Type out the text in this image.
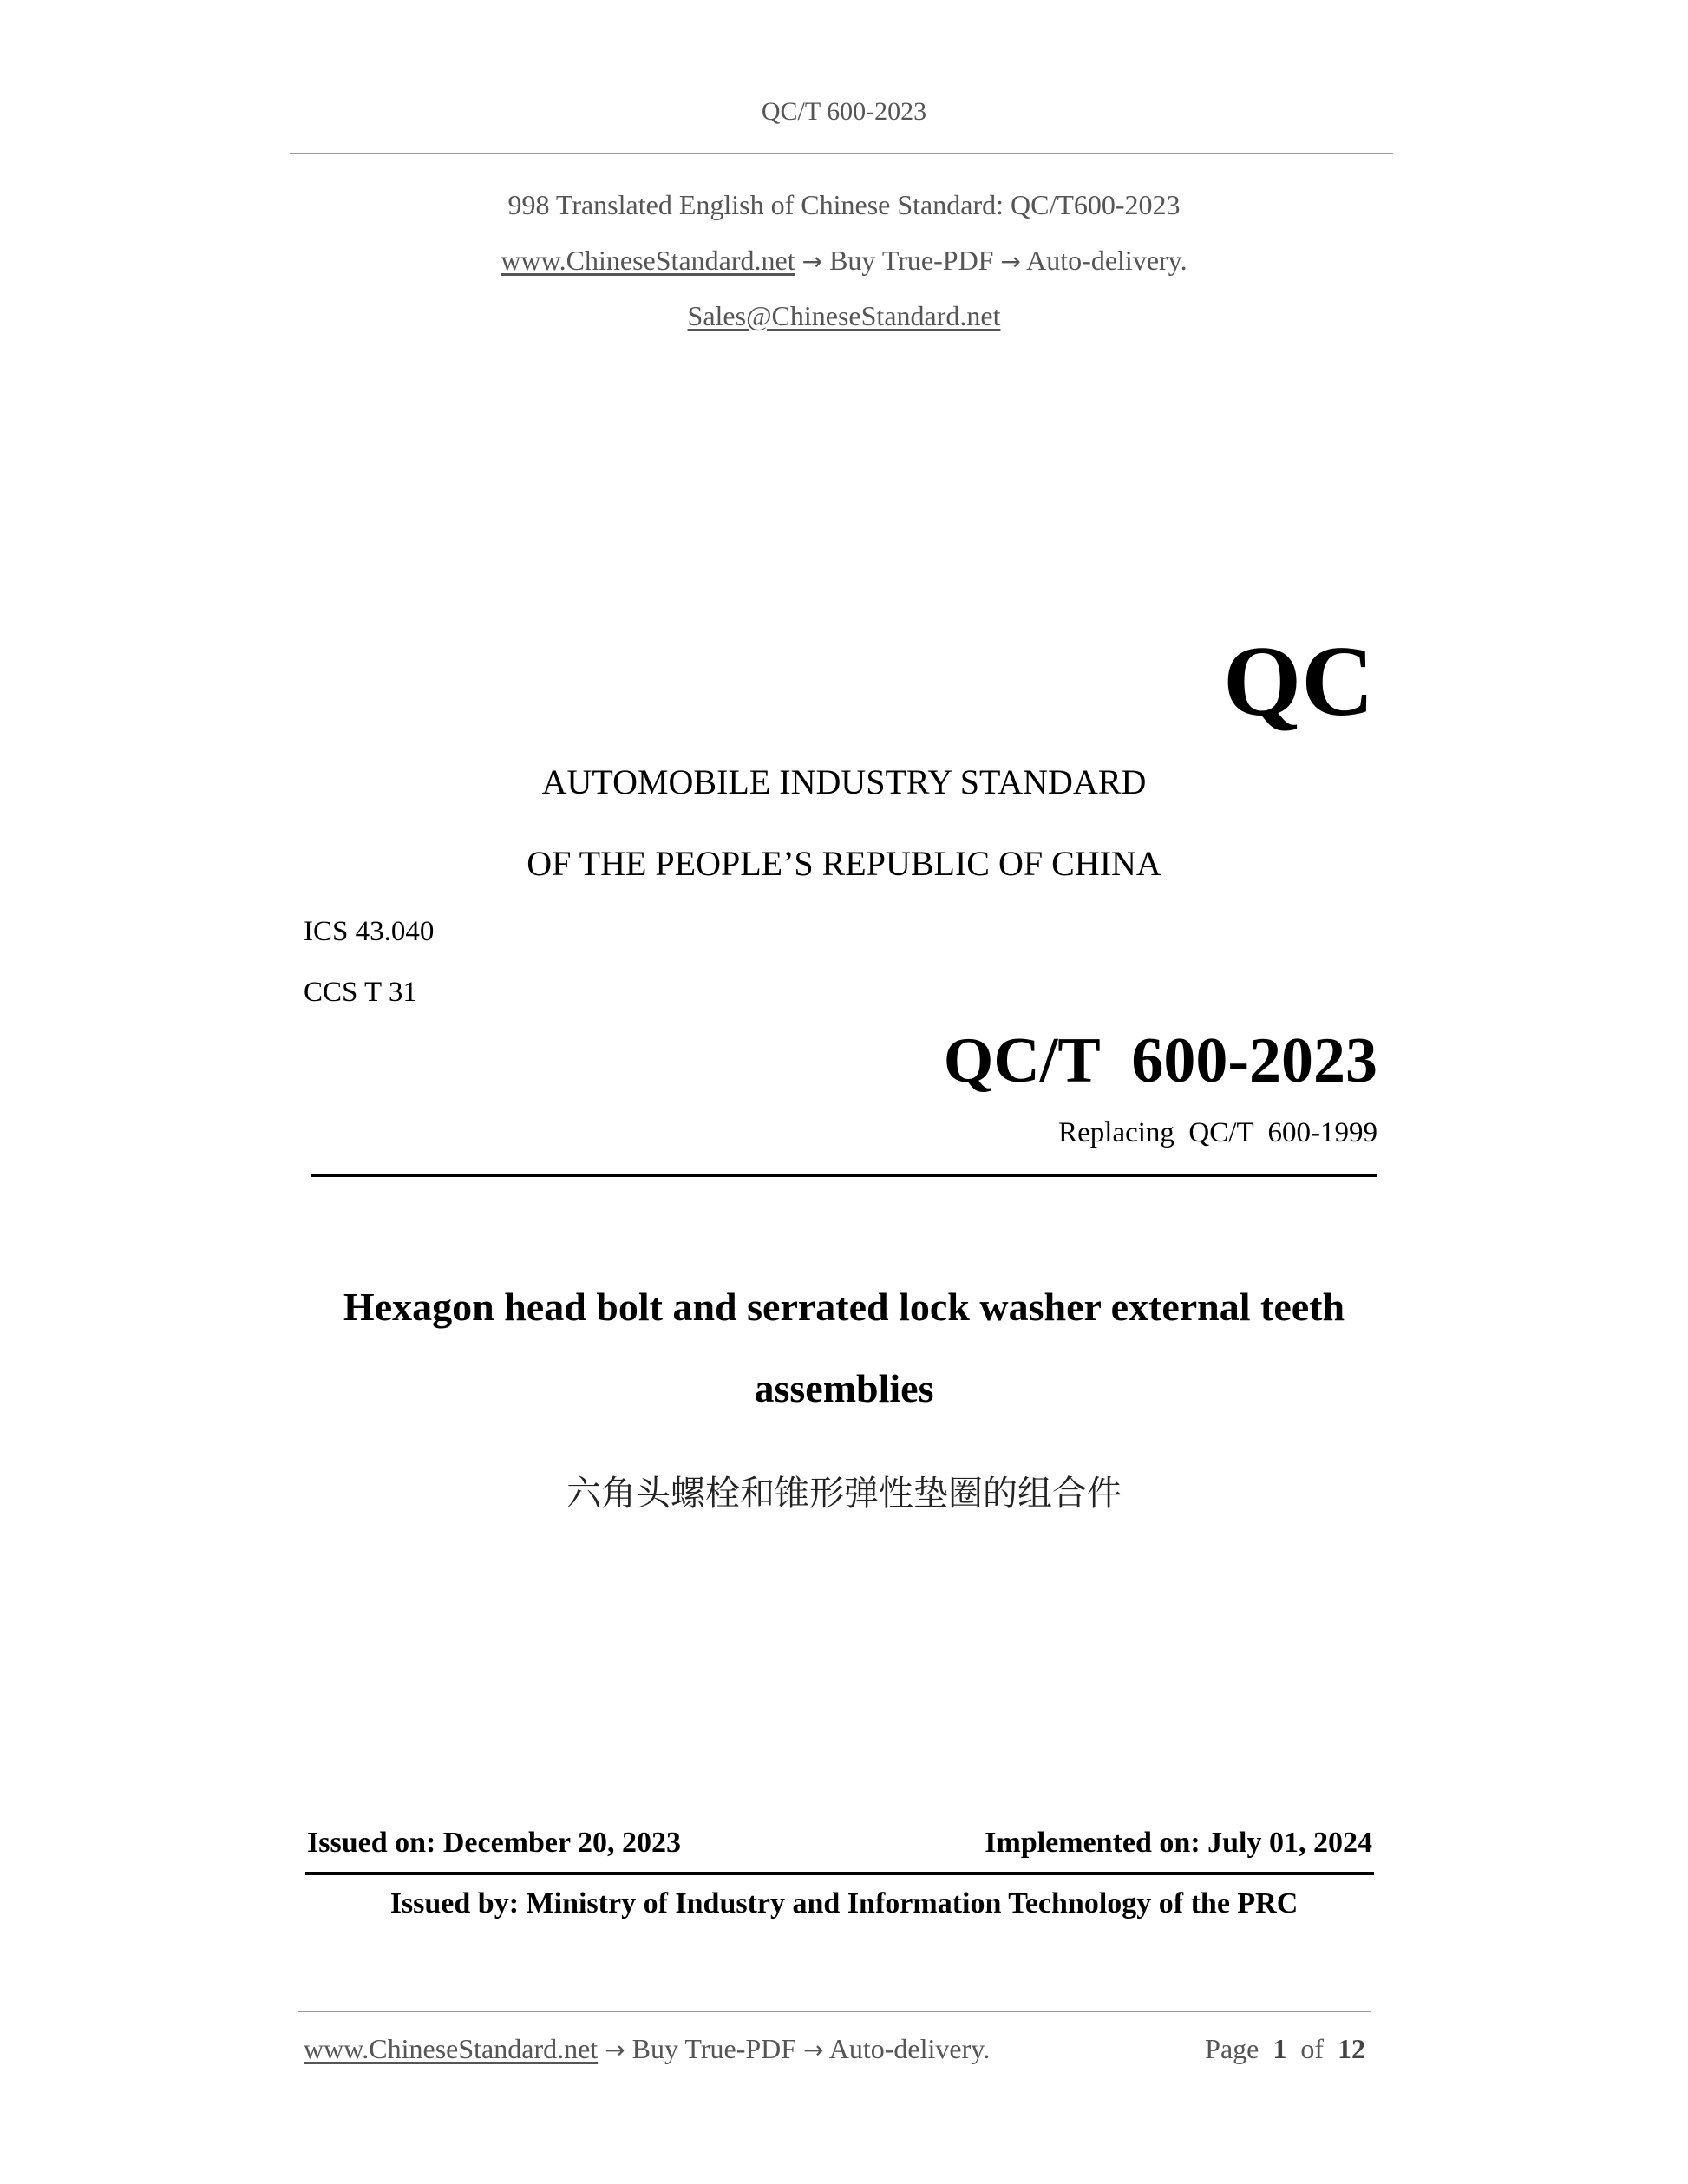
QC/T 600-2023
998 Translated English of Chinese Standard: QC/T600-2023
www.ChineseStandard.net → Buy True-PDF → Auto-delivery.
Sales@ChineseStandard.net
QC
AUTOMOBILE INDUSTRY STANDARD
OF THE PEOPLE’S REPUBLIC OF CHINA
ICS 43.040
CCS T 31
QC/T  600-2023
Replacing  QC/T  600-1999
Hexagon head bolt and serrated lock washer external teeth
assemblies
六角头螺栓和锥形弹性垫圈的组合件
Issued on: December 20, 2023	Implemented on: July 01, 2024
Issued by: Ministry of Industry and Information Technology of the PRC
www.ChineseStandard.net → Buy True-PDF → Auto-delivery.	Page 1 of 12
